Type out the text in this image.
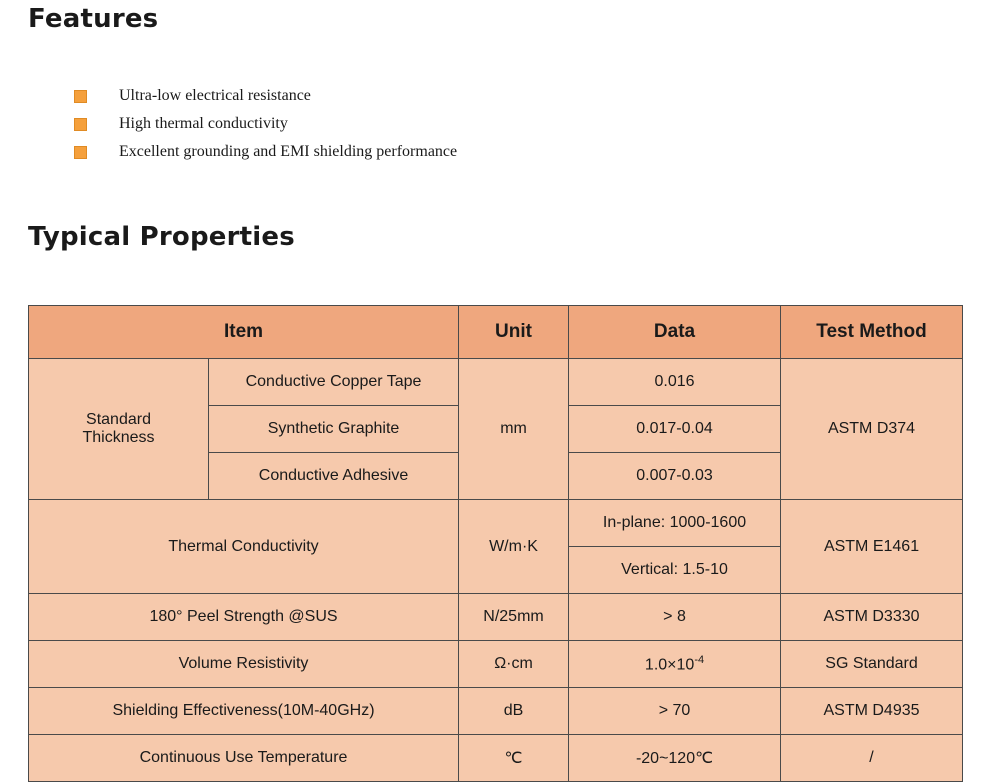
Features
Ultra-low electrical resistance
High thermal conductivity
Excellent grounding and EMI shielding performance
Typical Properties
Item		Unit	Data	Test Method
Standard
Thickness	Conductive Copper Tape	mm	0.016	ASTM D374
	Synthetic Graphite		0.017-0.04	
	Conductive Adhesive		0.007-0.03	
Thermal Conductivity		W/m·K	In-plane: 1000-1600	ASTM E1461
			Vertical: 1.5-10	
180° Peel Strength @SUS		N/25mm	> 8	ASTM D3330
Volume Resistivity		Ω·cm	$1.0\times 10^{-4}$	SG Standard
Shielding Effectiveness(10M-40GHz)		dB	> 70	ASTM D4935
Continuous Use Temperature		℃	-20~120℃	/
